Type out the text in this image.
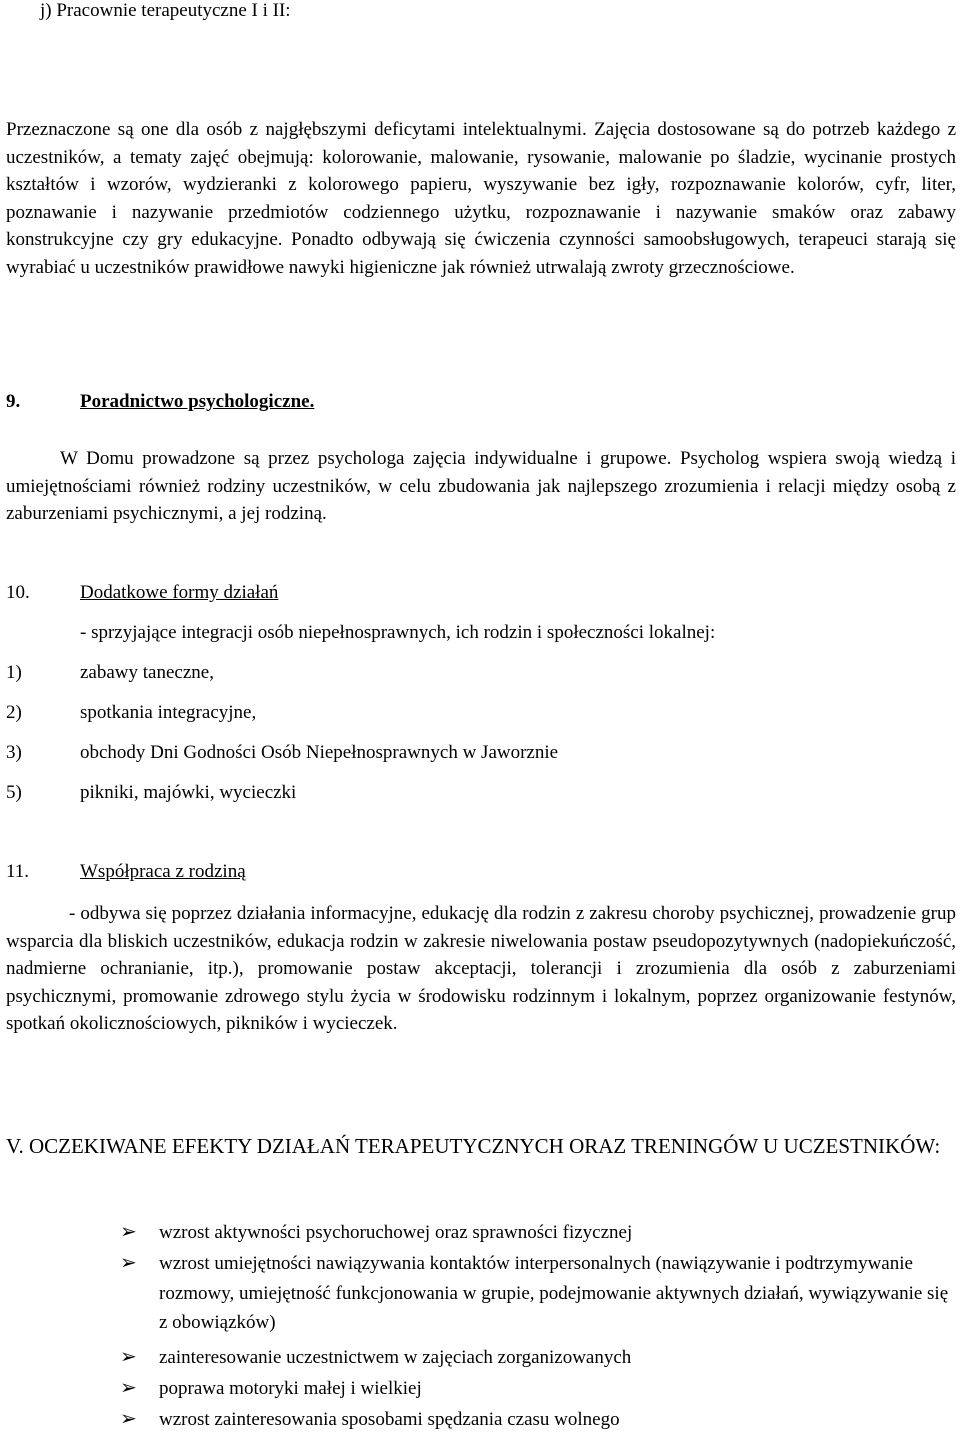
j) Pracownie terapeutyczne I i II:
Przeznaczone są one dla osób z najgłębszymi deficytami intelektualnymi. Zajęcia dostosowane są do potrzeb każdego z uczestników, a tematy zajęć obejmują: kolorowanie, malowanie, rysowanie, malowanie po śladzie, wycinanie prostych kształtów i wzorów, wydzieranki z kolorowego papieru, wyszywanie bez igły, rozpoznawanie kolorów, cyfr, liter, poznawanie i nazywanie przedmiotów codziennego użytku, rozpoznawanie i nazywanie smaków oraz zabawy konstrukcyjne czy gry edukacyjne. Ponadto odbywają się ćwiczenia czynności samoobsługowych, terapeuci starają się wyrabiać u uczestników prawidłowe nawyki higieniczne jak również utrwalają zwroty grzecznościowe.
9.	Poradnictwo psychologiczne.
W Domu prowadzone są przez psychologa zajęcia indywidualne i grupowe. Psycholog wspiera swoją wiedzą i umiejętnościami również rodziny uczestników, w celu zbudowania jak najlepszego zrozumienia i relacji między osobą z zaburzeniami psychicznymi, a jej rodziną.
10.	Dodatkowe formy działań
- sprzyjające integracji osób niepełnosprawnych, ich rodzin i społeczności lokalnej:
1)	zabawy taneczne,
2)	spotkania integracyjne,
3)	obchody Dni Godności Osób Niepełnosprawnych w Jaworznie
5)	pikniki, majówki, wycieczki
11.	Współpraca z rodziną
- odbywa się poprzez działania informacyjne, edukację dla rodzin z zakresu choroby psychicznej, prowadzenie grup wsparcia dla bliskich uczestników, edukacja rodzin w zakresie niwelowania postaw pseudopozytywnych (nadopiekuńczość, nadmierne ochranianie, itp.), promowanie postaw akceptacji, tolerancji i zrozumienia dla osób z zaburzeniami psychicznymi, promowanie zdrowego stylu życia w środowisku rodzinnym i lokalnym, poprzez organizowanie festynów, spotkań okolicznościowych, pikników i wycieczek.
V. OCZEKIWANE EFEKTY DZIAŁAŃ TERAPEUTYCZNYCH ORAZ TRENINGÓW U UCZESTNIKÓW:
➢	wzrost aktywności psychoruchowej oraz sprawności fizycznej
➢	wzrost umiejętności nawiązywania kontaktów interpersonalnych (nawiązywanie i podtrzymywanie rozmowy, umiejętność funkcjonowania w grupie, podejmowanie aktywnych działań, wywiązywanie się z obowiązków)
➢	zainteresowanie uczestnictwem w zajęciach zorganizowanych
➢	poprawa motoryki małej i wielkiej
➢	wzrost zainteresowania sposobami spędzania czasu wolnego
